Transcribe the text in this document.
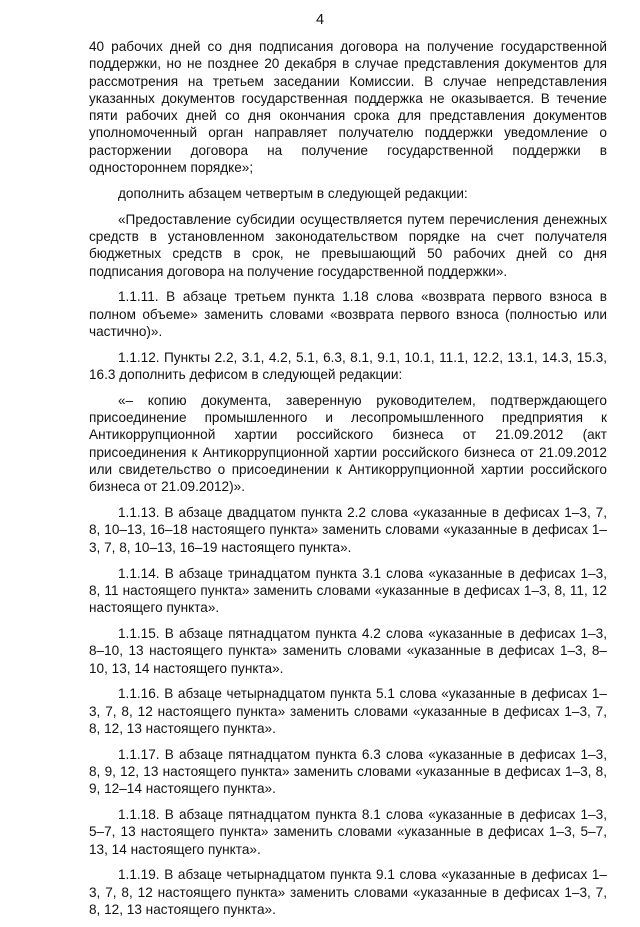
4

40 рабочих дней со дня подписания договора на получение государственной поддержки, но не позднее 20 декабря в случае представления документов для рассмотрения на третьем заседании Комиссии. В случае непредставления указанных документов государственная поддержка не оказывается. В течение пяти рабочих дней со дня окончания срока для представления документов уполномоченный орган направляет получателю поддержки уведомление о расторжении договора на получение государственной поддержки в одностороннем порядке»;

дополнить абзацем четвертым в следующей редакции:

«Предоставление субсидии осуществляется путем перечисления денежных средств в установленном законодательством порядке на счет получателя бюджетных средств в срок, не превышающий 50 рабочих дней со дня подписания договора на получение государственной поддержки».

1.1.11. В абзаце третьем пункта 1.18 слова «возврата первого взноса в полном объеме» заменить словами «возврата первого взноса (полностью или частично)».

1.1.12. Пункты 2.2, 3.1, 4.2, 5.1, 6.3, 8.1, 9.1, 10.1, 11.1, 12.2, 13.1, 14.3, 15.3, 16.3 дополнить дефисом в следующей редакции:

«– копию документа, заверенную руководителем, подтверждающего присоединение промышленного и лесопромышленного предприятия к Антикоррупционной хартии российского бизнеса от 21.09.2012 (акт присоединения к Антикоррупционной хартии российского бизнеса от 21.09.2012 или свидетельство о присоединении к Антикоррупционной хартии российского бизнеса от 21.09.2012)».

1.1.13. В абзаце двадцатом пункта 2.2 слова «указанные в дефисах 1–3, 7, 8, 10–13, 16–18 настоящего пункта» заменить словами «указанные в дефисах 1–3, 7, 8, 10–13, 16–19 настоящего пункта».

1.1.14. В абзаце тринадцатом пункта 3.1 слова «указанные в дефисах 1–3, 8, 11 настоящего пункта» заменить словами «указанные в дефисах 1–3, 8, 11, 12 настоящего пункта».

1.1.15. В абзаце пятнадцатом пункта 4.2 слова «указанные в дефисах 1–3, 8–10, 13 настоящего пункта» заменить словами «указанные в дефисах 1–3, 8–10, 13, 14 настоящего пункта».

1.1.16. В абзаце четырнадцатом пункта 5.1 слова «указанные в дефисах 1–3, 7, 8, 12 настоящего пункта» заменить словами «указанные в дефисах 1–3, 7, 8, 12, 13 настоящего пункта».

1.1.17. В абзаце пятнадцатом пункта 6.3 слова «указанные в дефисах 1–3, 8, 9, 12, 13 настоящего пункта» заменить словами «указанные в дефисах 1–3, 8, 9, 12–14 настоящего пункта».

1.1.18. В абзаце пятнадцатом пункта 8.1 слова «указанные в дефисах 1–3, 5–7, 13 настоящего пункта» заменить словами «указанные в дефисах 1–3, 5–7, 13, 14 настоящего пункта».

1.1.19. В абзаце четырнадцатом пункта 9.1 слова «указанные в дефисах 1–3, 7, 8, 12 настоящего пункта» заменить словами «указанные в дефисах 1–3, 7, 8, 12, 13 настоящего пункта».
